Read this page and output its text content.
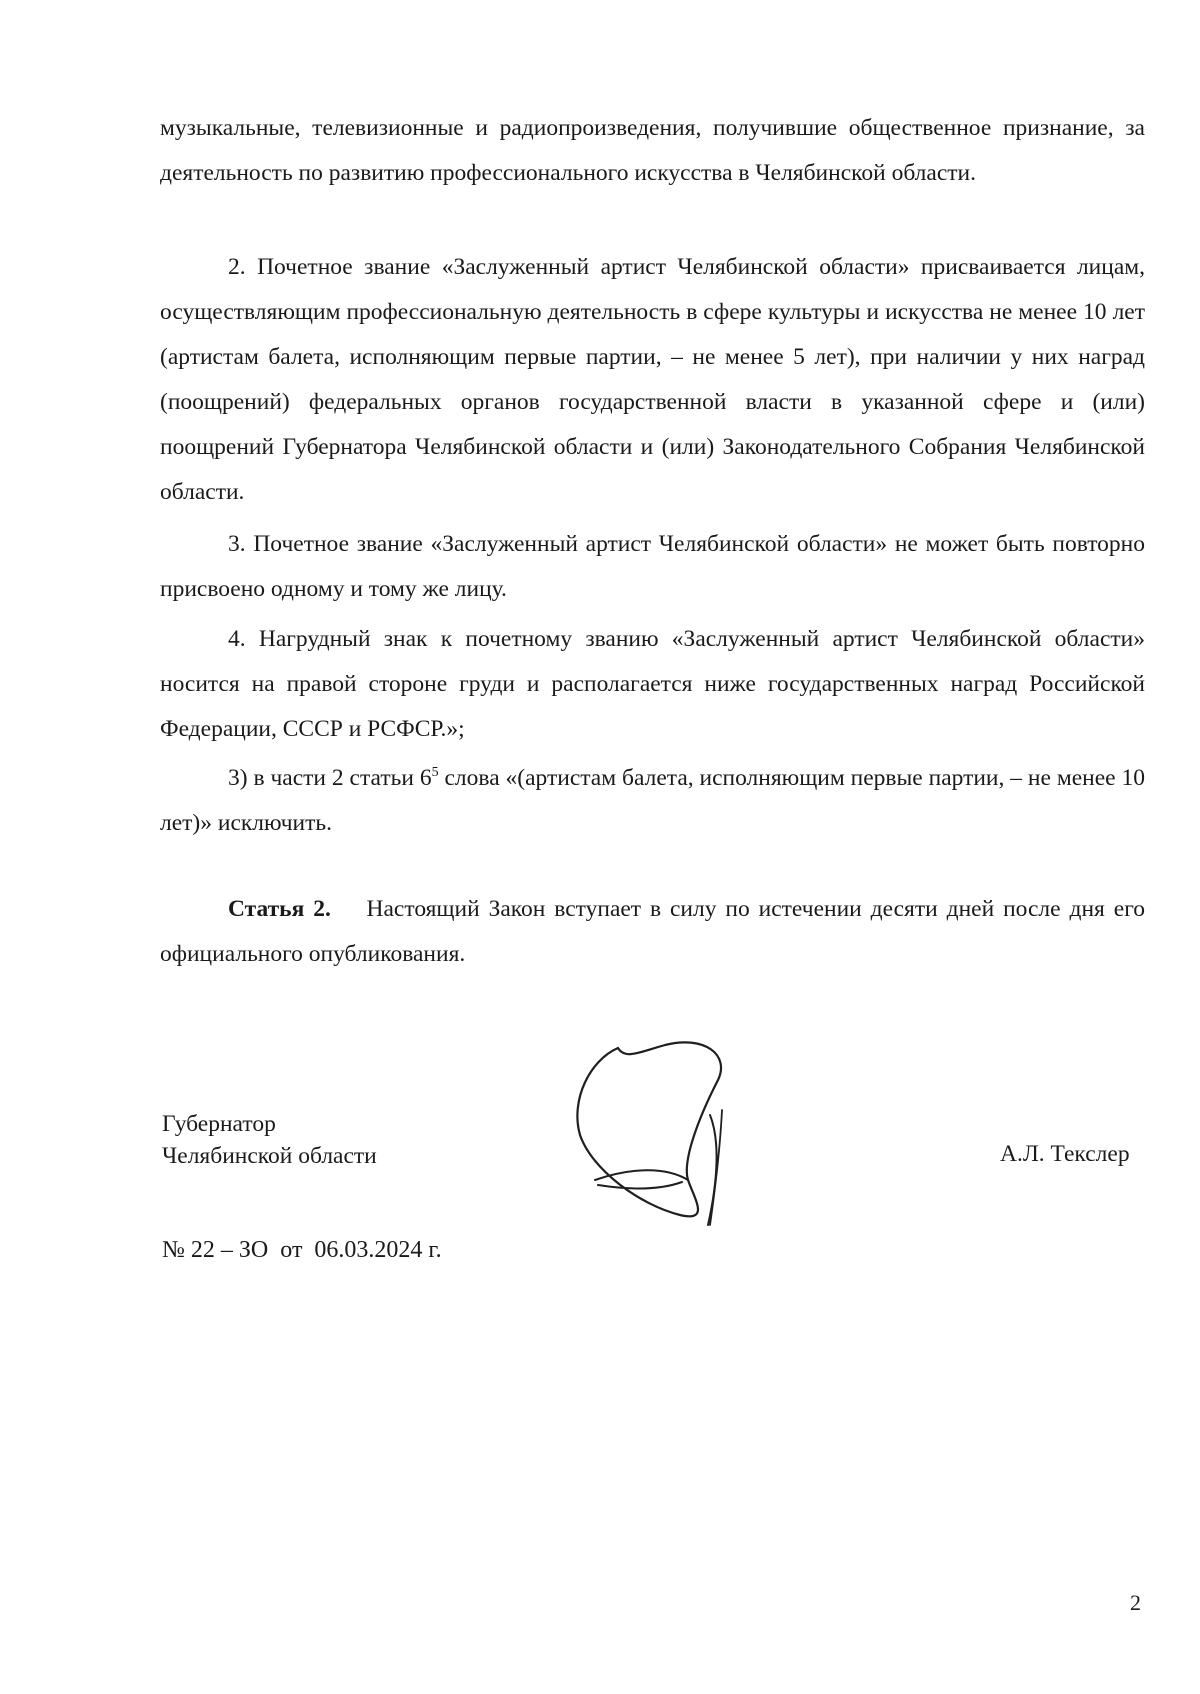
музыкальные, телевизионные и радиопроизведения, получившие общественное признание, за деятельность по развитию профессионального искусства в Челябинской области.

2. Почетное звание «Заслуженный артист Челябинской области» присваивается лицам, осуществляющим профессиональную деятельность в сфере культуры и искусства не менее 10 лет (артистам балета, исполняющим первые партии, – не менее 5 лет), при наличии у них наград (поощрений) федеральных органов государственной власти в указанной сфере и (или) поощрений Губернатора Челябинской области и (или) Законодательного Собрания Челябинской области.

3. Почетное звание «Заслуженный артист Челябинской области» не может быть повторно присвоено одному и тому же лицу.

4. Нагрудный знак к почетному званию «Заслуженный артист Челябинской области» носится на правой стороне груди и располагается ниже государственных наград Российской Федерации, СССР и РСФСР.»;

3) в части 2 статьи $6^5$ слова «(артистам балета, исполняющим первые партии, – не менее 10 лет)» исключить.

Статья 2. Настоящий Закон вступает в силу по истечении десяти дней после дня его официального опубликования.

Губернатор
Челябинской области	А.Л. Текслер
№ 22 – ЗО  от  06.03.2024 г.
2
